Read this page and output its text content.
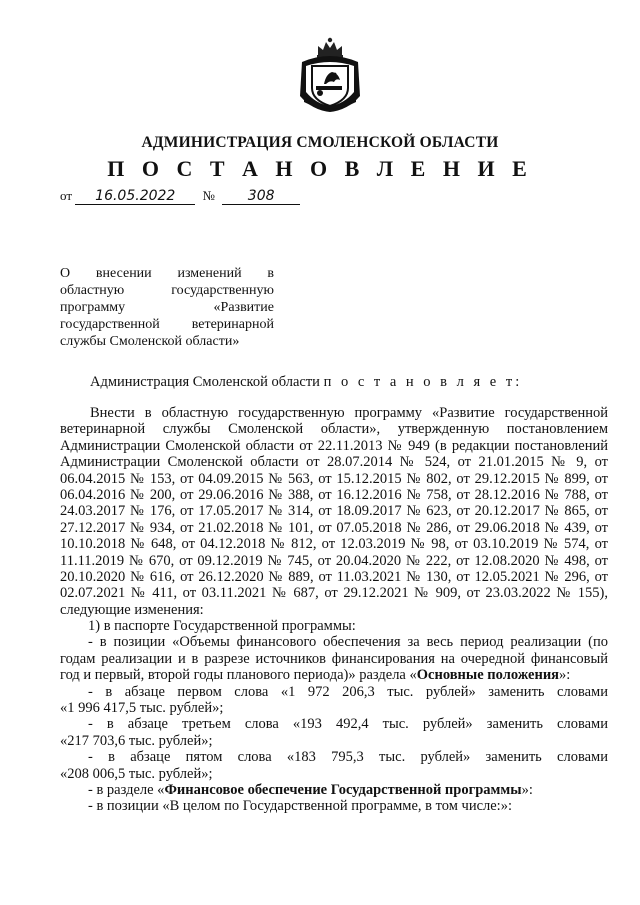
АДМИНИСТРАЦИЯ СМОЛЕНСКОЙ ОБЛАСТИ
П О С Т А Н О В Л Е Н И Е
от 16.05.2022 № 308
О внесении изменений в
областную государственную
программу «Развитие
государственной ветеринарной
службы Смоленской области»
Администрация Смоленской области п о с т а н о в л я е т:
Внести в областную государственную программу «Развитие государственной
ветеринарной службы Смоленской области», утвержденную постановлением
Администрации Смоленской области от 22.11.2013 № 949 (в редакции постановлений
Администрации Смоленской области от 28.07.2014 № 524, от 21.01.2015 № 9, от
06.04.2015 № 153, от 04.09.2015 № 563, от 15.12.2015 № 802, от 29.12.2015 № 899, от
06.04.2016 № 200, от 29.06.2016 № 388, от 16.12.2016 № 758, от 28.12.2016 № 788, от
24.03.2017 № 176, от 17.05.2017 № 314, от 18.09.2017 № 623, от 20.12.2017 № 865, от
27.12.2017 № 934, от 21.02.2018 № 101, от 07.05.2018 № 286, от 29.06.2018 № 439, от
10.10.2018 № 648, от 04.12.2018 № 812, от 12.03.2019 № 98, от 03.10.2019 № 574, от
11.11.2019 № 670, от 09.12.2019 № 745, от 20.04.2020 № 222, от 12.08.2020 № 498, от
20.10.2020 № 616, от 26.12.2020 № 889, от 11.03.2021 № 130, от 12.05.2021 № 296, от
02.07.2021 № 411, от 03.11.2021 № 687, от 29.12.2021 № 909, от 23.03.2022 № 155),
следующие изменения:
1) в паспорте Государственной программы:
- в позиции «Объемы финансового обеспечения за весь период реализации (по
годам реализации и в разрезе источников финансирования на очередной финансовый
год и первый, второй годы планового периода)» раздела «Основные положения»:
- в абзаце первом слова «1 972 206,3 тыс. рублей» заменить словами
«1 996 417,5 тыс. рублей»;
- в абзаце третьем слова «193 492,4 тыс. рублей» заменить словами
«217 703,6 тыс. рублей»;
- в абзаце пятом слова «183 795,3 тыс. рублей» заменить словами
«208 006,5 тыс. рублей»;
- в разделе «Финансовое обеспечение Государственной программы»:
- в позиции «В целом по Государственной программе, в том числе:»:
